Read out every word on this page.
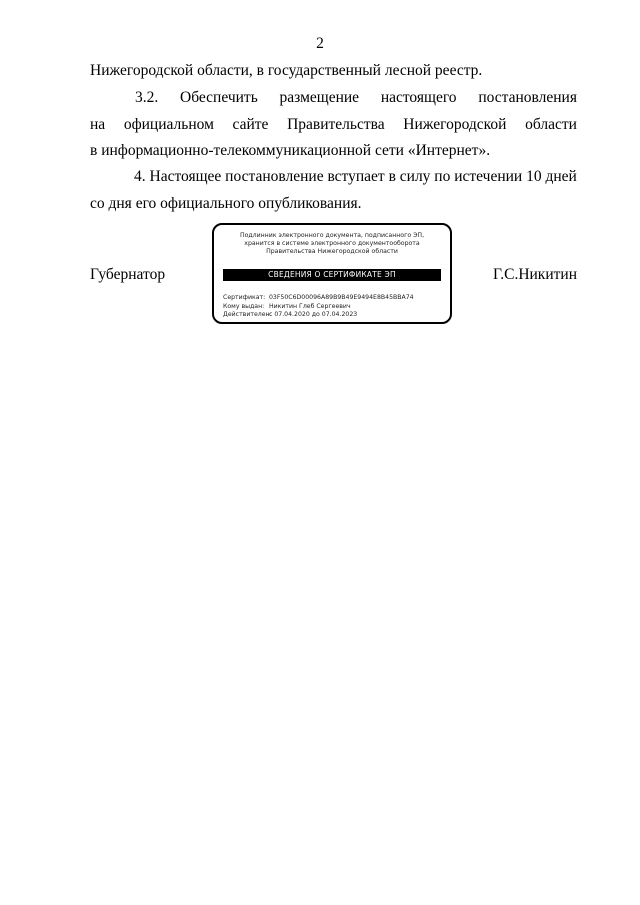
2
Нижегородской области, в государственный лесной реестр.
3.2. Обеспечить размещение настоящего постановления
на официальном сайте Правительства Нижегородской области
в информационно-телекоммуникационной сети «Интернет».
4. Настоящее постановление вступает в силу по истечении 10 дней
со дня его официального опубликования.
Губернатор
Подлинник электронного документа, подписанного ЭП,
хранится в системе электронного документооборота
Правительства Нижегородской области
СВЕДЕНИЯ О СЕРТИФИКАТЕ ЭП
Сертификат: 03F50C6D00096A89B9B49E9494E8B45BBA74
Кому выдан: Никитин Глеб Сергеевич
Действителен: с 07.04.2020 до 07.04.2023
Г.С.Никитин
